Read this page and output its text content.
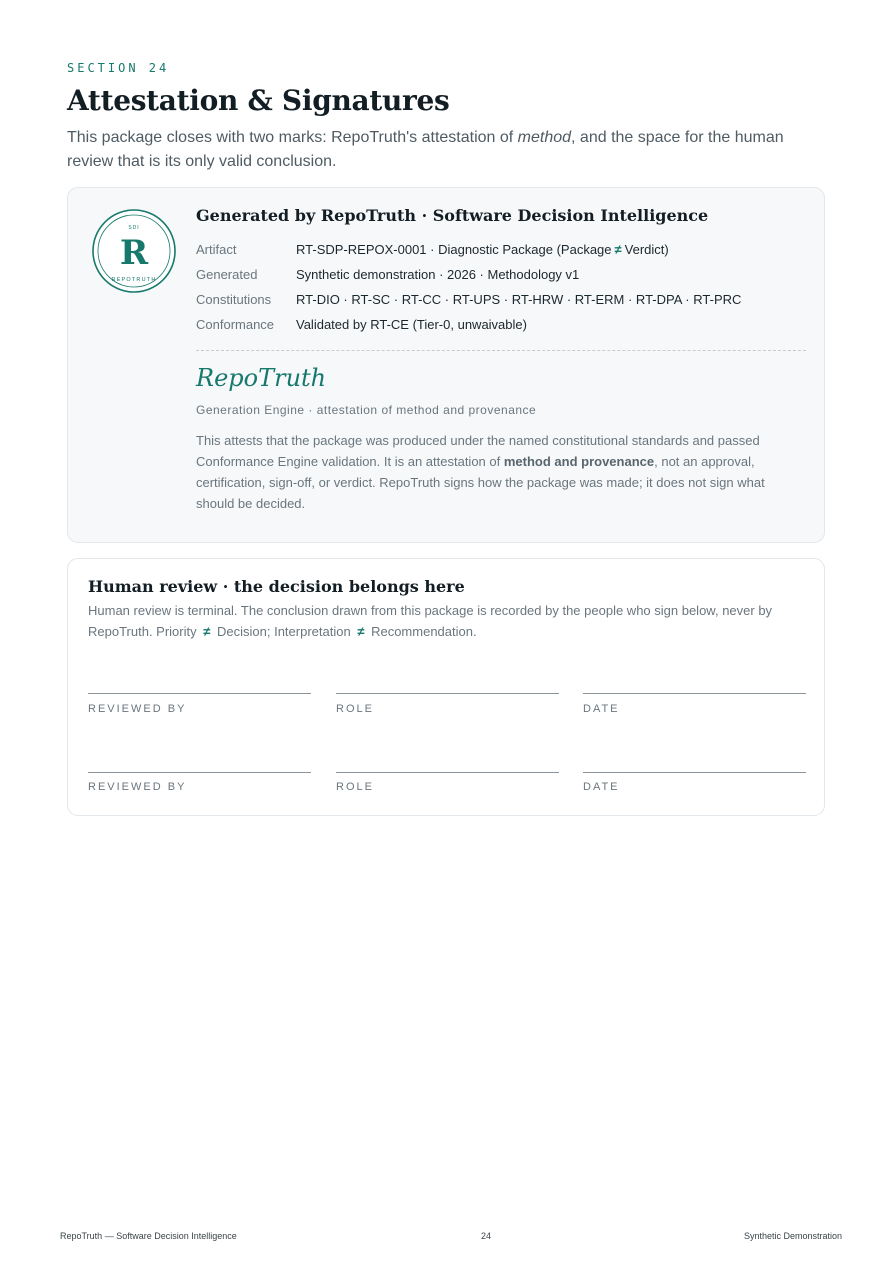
SECTION 24
Attestation & Signatures

This package closes with two marks: RepoTruth's attestation of method, and the space for the human review that is its only valid conclusion.

SDI
R
REPOTRUTH
Generated by RepoTruth · Software Decision Intelligence
Artifact	RT-SDP-REPOX-0001 · Diagnostic Package (Package ≠ Verdict)
Generated	Synthetic demonstration · 2026 · Methodology v1
Constitutions RT-DIO · RT-SC · RT-CC · RT-UPS · RT-HRW · RT-ERM · RT-DPA · RT-PRC
Conformance Validated by RT-CE (Tier-0, unwaivable)
RepoTruth
Generation Engine · attestation of method and provenance

This attests that the package was produced under the named constitutional standards and passed Conformance Engine validation. It is an attestation of method and provenance, not an approval, certification, sign-off, or verdict. RepoTruth signs how the package was made; it does not sign what should be decided.

Human review · the decision belongs here

Human review is terminal. The conclusion drawn from this package is recorded by the people who sign below, never by RepoTruth. Priority ≠ Decision; Interpretation ≠ Recommendation.

REVIEWED BY	ROLE	DATE
REVIEWED BY	ROLE	DATE
RepoTruth — Software Decision Intelligence	24	Synthetic Demonstration
